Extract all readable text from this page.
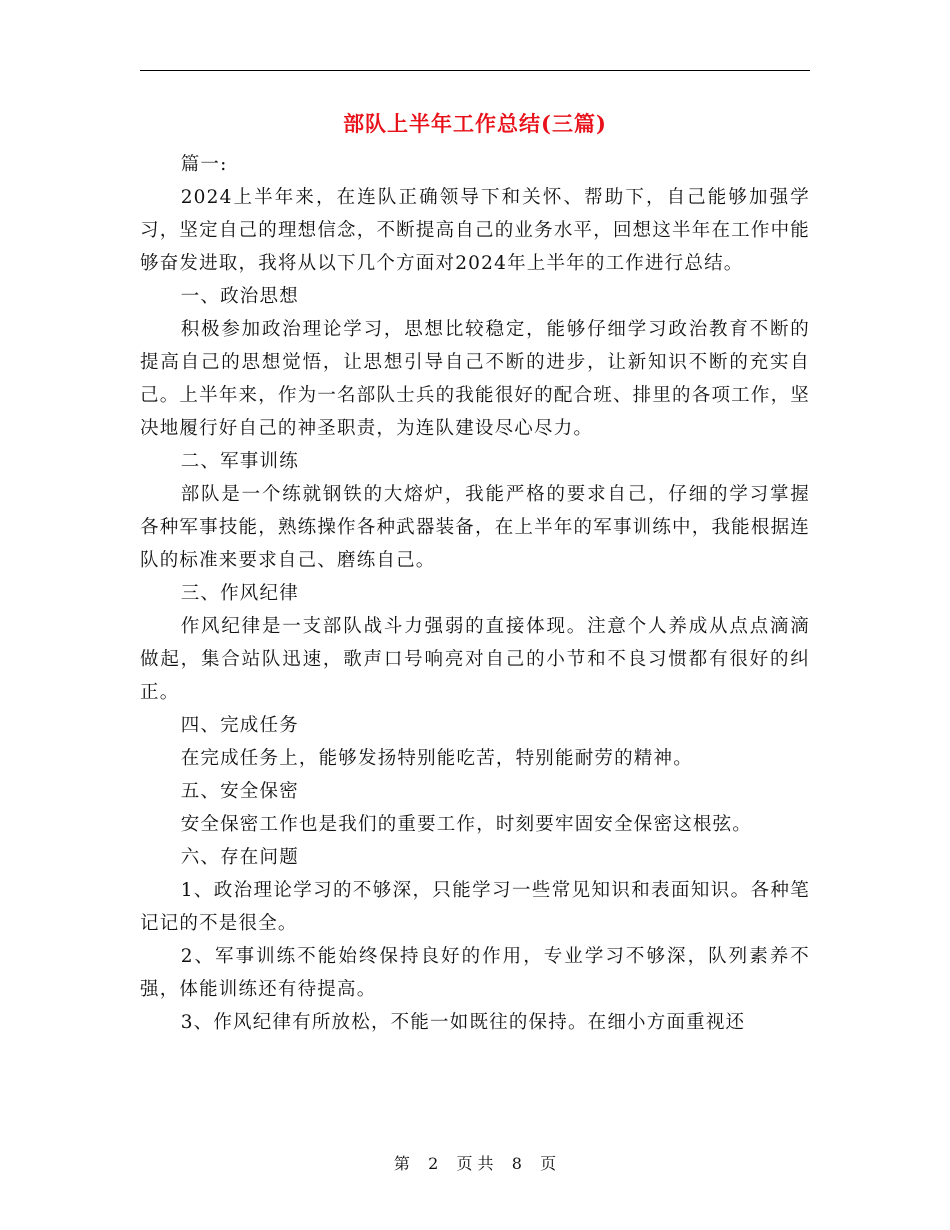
部队上半年工作总结(三篇)

篇一:

2024上半年来，在连队正确领导下和关怀、帮助下，自己能够加强学习，坚定自己的理想信念，不断提高自己的业务水平，回想这半年在工作中能够奋发进取，我将从以下几个方面对2024年上半年的工作进行总结。

一、政治思想

积极参加政治理论学习，思想比较稳定，能够仔细学习政治教育不断的提高自己的思想觉悟，让思想引导自己不断的进步，让新知识不断的充实自己。上半年来，作为一名部队士兵的我能很好的配合班、排里的各项工作，坚决地履行好自己的神圣职责，为连队建设尽心尽力。

二、军事训练

部队是一个练就钢铁的大熔炉，我能严格的要求自己，仔细的学习掌握各种军事技能，熟练操作各种武器装备，在上半年的军事训练中，我能根据连队的标准来要求自己、磨练自己。

三、作风纪律

作风纪律是一支部队战斗力强弱的直接体现。注意个人养成从点点滴滴做起，集合站队迅速，歌声口号响亮对自己的小节和不良习惯都有很好的纠正。

四、完成任务

在完成任务上，能够发扬特别能吃苦，特别能耐劳的精神。

五、安全保密

安全保密工作也是我们的重要工作，时刻要牢固安全保密这根弦。

六、存在问题

1、政治理论学习的不够深，只能学习一些常见知识和表面知识。各种笔记记的不是很全。

2、军事训练不能始终保持良好的作用，专业学习不够深，队列素养不强，体能训练还有待提高。

3、作风纪律有所放松，不能一如既往的保持。在细小方面重视还

第 2 页 共 8 页
